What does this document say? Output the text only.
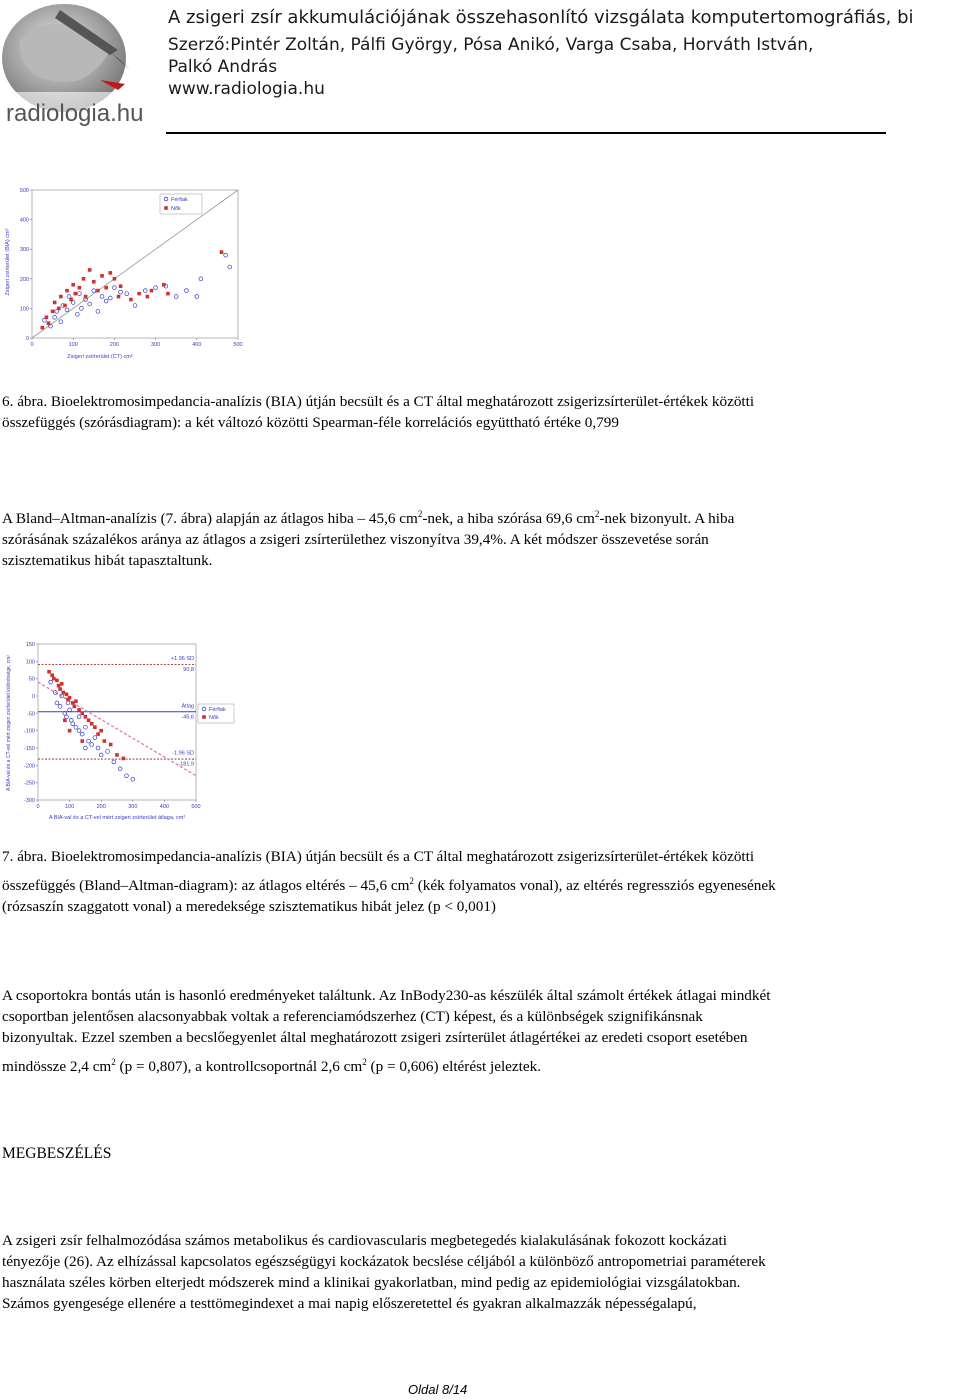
radiologia.hu
A zsigeri zsír akkumulációjának összehasonlító vizsgálata komputertomográfiás, bi
Szerző:Pintér Zoltán, Pálfi György, Pósa Anikó, Varga Csaba, Horváth István,
Palkó András
www.radiologia.hu
0	100	200	300	400	500
0
100
200
300
400
500
Férfiak
Nők
Zsigeri zsírterület (CT) cm²
Zsigeri zsírterület (BIA) cm²
6. ábra. Bioelektromosimpedancia-analízis (BIA) útján becsült és a CT által meghatározott zsigerizsírterület-értékek közötti
összefüggés (szórásdiagram): a két változó közötti Spearman-féle korrelációs együttható értéke 0,799
A Bland–Altman-analízis (7. ábra) alapján az átlagos hiba – 45,6 $cm^2$-nek, a hiba szórása 69,6 $cm^2$-nek bizonyult. A hiba
szórásának százalékos aránya az átlagos a zsigeri zsírterülethez viszonyítva 39,4%. A két módszer összevetése során
szisztematikus hibát tapasztaltunk.
0	100	200	300	400	500
150
100
50
0
-50
-100
-150
-200
-250
-300
+1.96 SD
90,8
Átlag
-45,6
-1.96 SD
-181,9
Férfiak
Nők
A BIA-val és a CT-vel mért zsigeri zsírterület átlaga, cm²
A BIA-val és a CT-vel mért zsigeri zsírterület különbsége, cm²
7. ábra. Bioelektromosimpedancia-analízis (BIA) útján becsült és a CT által meghatározott zsigerizsírterület-értékek közötti
összefüggés (Bland–Altman-diagram): az átlagos eltérés – 45,6 $cm^2$ (kék folyamatos vonal), az eltérés regressziós egyenesének
(rózsaszín szaggatott vonal) a meredeksége szisztematikus hibát jelez (p < 0,001)
A csoportokra bontás után is hasonló eredményeket találtunk. Az InBody230-as készülék által számolt értékek átlagai mindkét
csoportban jelentősen alacsonyabbak voltak a referenciamódszerhez (CT) képest, és a különbségek szignifikánsnak
bizonyultak. Ezzel szemben a becslőegyenlet által meghatározott zsigeri zsírterület átlagértékei az eredeti csoport esetében
mindössze 2,4 $cm^2$ (p = 0,807), a kontrollcsoportnál 2,6 $cm^2$ (p = 0,606) eltérést jeleztek.
MEGBESZÉLÉS
A zsigeri zsír felhalmozódása számos metabolikus és cardiovascularis megbetegedés kialakulásának fokozott kockázati
tényezője (26). Az elhízással kapcsolatos egészségügyi kockázatok becslése céljából a különböző antropometriai paraméterek
használata széles körben elterjedt módszerek mind a klinikai gyakorlatban, mind pedig az epidemiológiai vizsgálatokban.
Számos gyengesége ellenére a testtömegindexet a mai napig előszeretettel és gyakran alkalmazzák népességalapú,
Oldal 8/14
